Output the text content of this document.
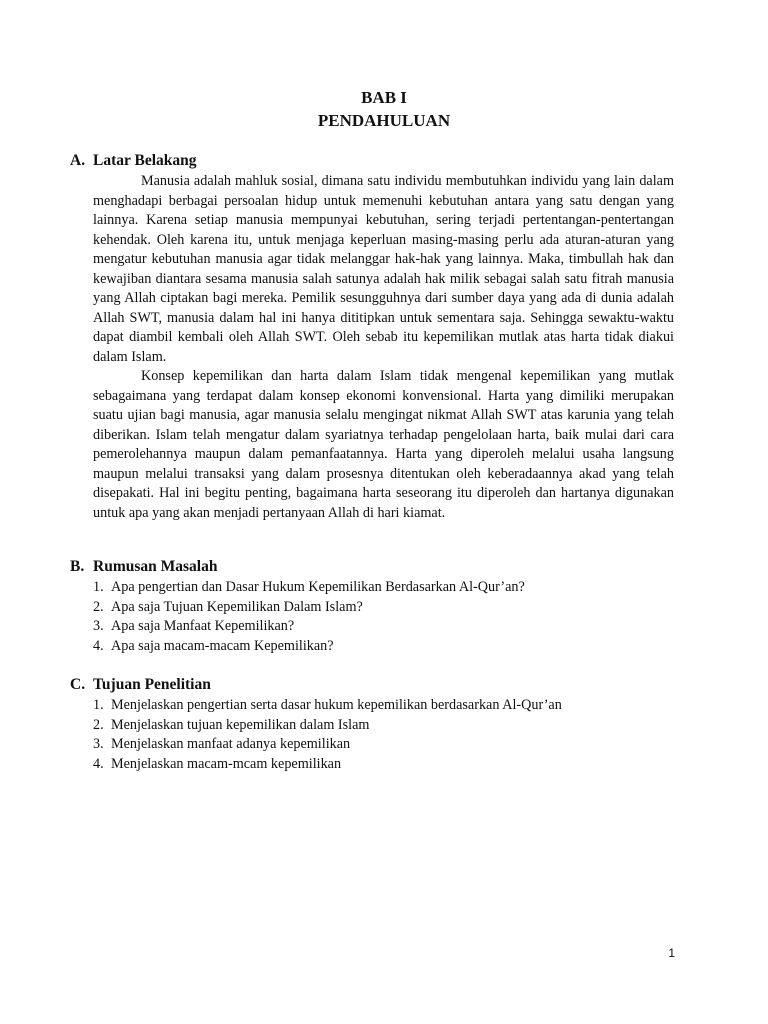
BAB I
PENDAHULUAN
A. Latar Belakang

Manusia adalah mahluk sosial, dimana satu individu membutuhkan individu yang lain dalam menghadapi berbagai persoalan hidup untuk memenuhi kebutuhan antara yang satu dengan yang lainnya. Karena setiap manusia mempunyai kebutuhan, sering terjadi pertentangan-pentertangan kehendak. Oleh karena itu, untuk menjaga keperluan masing-masing perlu ada aturan-aturan yang mengatur kebutuhan manusia agar tidak melanggar hak-hak yang lainnya. Maka, timbullah hak dan kewajiban diantara sesama manusia salah satunya adalah hak milik sebagai salah satu fitrah manusia yang Allah ciptakan bagi mereka. Pemilik sesungguhnya dari sumber daya yang ada di dunia adalah Allah SWT, manusia dalam hal ini hanya dititipkan untuk sementara saja. Sehingga sewaktu-waktu dapat diambil kembali oleh Allah SWT. Oleh sebab itu kepemilikan mutlak atas harta tidak diakui dalam Islam.

Konsep kepemilikan dan harta dalam Islam tidak mengenal kepemilikan yang mutlak sebagaimana yang terdapat dalam konsep ekonomi konvensional. Harta yang dimiliki merupakan suatu ujian bagi manusia, agar manusia selalu mengingat nikmat Allah SWT atas karunia yang telah diberikan. Islam telah mengatur dalam syariatnya terhadap pengelolaan harta, baik mulai dari cara pemerolehannya maupun dalam pemanfaatannya. Harta yang diperoleh melalui usaha langsung maupun melalui transaksi yang dalam prosesnya ditentukan oleh keberadaannya akad yang telah disepakati. Hal ini begitu penting, bagaimana harta seseorang itu diperoleh dan hartanya digunakan untuk apa yang akan menjadi pertanyaan Allah di hari kiamat.

B. Rumusan Masalah
1. Apa pengertian dan Dasar Hukum Kepemilikan Berdasarkan Al-Qur’an?
2. Apa saja Tujuan Kepemilikan Dalam Islam?
3. Apa saja Manfaat Kepemilikan?
4. Apa saja macam-macam Kepemilikan?
C. Tujuan Penelitian
1. Menjelaskan pengertian serta dasar hukum kepemilikan berdasarkan Al-Qur’an
2. Menjelaskan tujuan kepemilikan dalam Islam
3. Menjelaskan manfaat adanya kepemilikan
4. Menjelaskan macam-mcam kepemilikan
1
